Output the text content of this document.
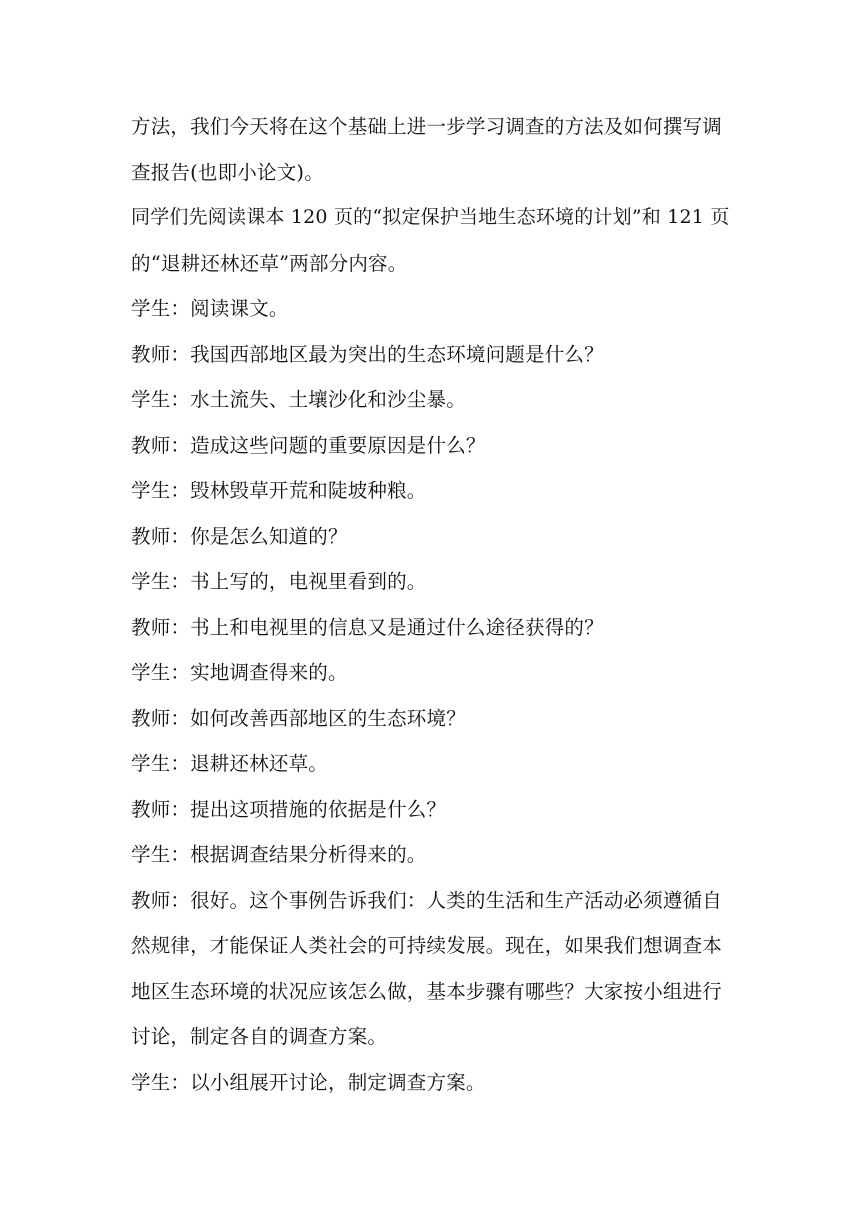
方法，我们今天将在这个基础上进一步学习调查的方法及如何撰写调
查报告(也即小论文)。
同学们先阅读课本 120 页的“拟定保护当地生态环境的计划”和 121 页
的“退耕还林还草”两部分内容。
学生：阅读课文。
教师：我国西部地区最为突出的生态环境问题是什么？
学生：水土流失、土壤沙化和沙尘暴。
教师：造成这些问题的重要原因是什么？
学生：毁林毁草开荒和陡坡种粮。
教师：你是怎么知道的？
学生：书上写的，电视里看到的。
教师：书上和电视里的信息又是通过什么途径获得的？
学生：实地调查得来的。
教师：如何改善西部地区的生态环境？
学生：退耕还林还草。
教师：提出这项措施的依据是什么？
学生：根据调查结果分析得来的。
教师：很好。这个事例告诉我们：人类的生活和生产活动必须遵循自
然规律，才能保证人类社会的可持续发展。现在，如果我们想调查本
地区生态环境的状况应该怎么做，基本步骤有哪些？大家按小组进行
讨论，制定各自的调查方案。
学生：以小组展开讨论，制定调查方案。
